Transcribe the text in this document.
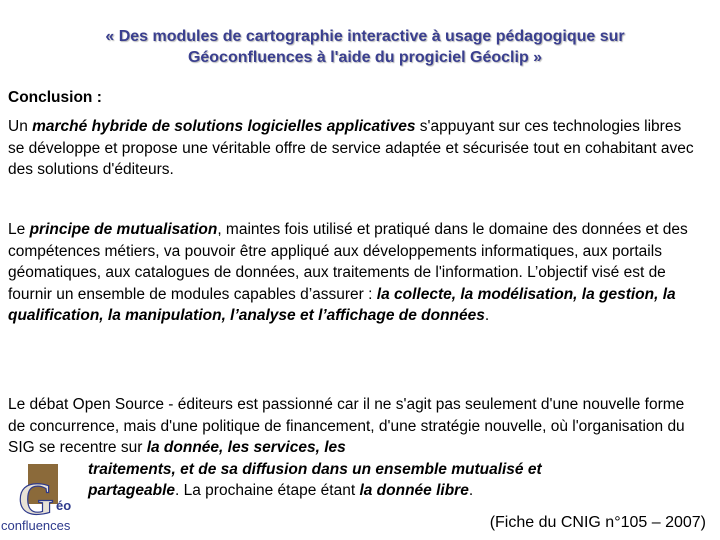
« Des modules de cartographie interactive à usage pédagogique sur
Géoconfluences à l'aide du progiciel Géoclip »
Conclusion :
Un marché hybride de solutions logicielles applicatives s'appuyant sur ces technologies libres se développe et propose une véritable offre de service adaptée et sécurisée tout en cohabitant avec des solutions d'éditeurs.
Le principe de mutualisation, maintes fois utilisé et pratiqué dans le domaine des données et des compétences métiers, va pouvoir être appliqué aux développements informatiques, aux portails géomatiques, aux catalogues de données, aux traitements de l'information. L’objectif visé est de fournir un ensemble de modules capables d’assurer : la collecte, la modélisation, la gestion, la qualification, la manipulation, l’analyse et l’affichage de données.
Le débat Open Source - éditeurs est passionné car il ne s'agit pas seulement d'une nouvelle forme de concurrence, mais d'une politique de financement, d'une stratégie nouvelle, où l'organisation du SIG se recentre sur la donnée, les services, les
traitements, et de sa diffusion dans un ensemble mutualisé et
partageable. La prochaine étape étant la donnée libre.
G éo
confluences	(Fiche du CNIG n°105 – 2007)
